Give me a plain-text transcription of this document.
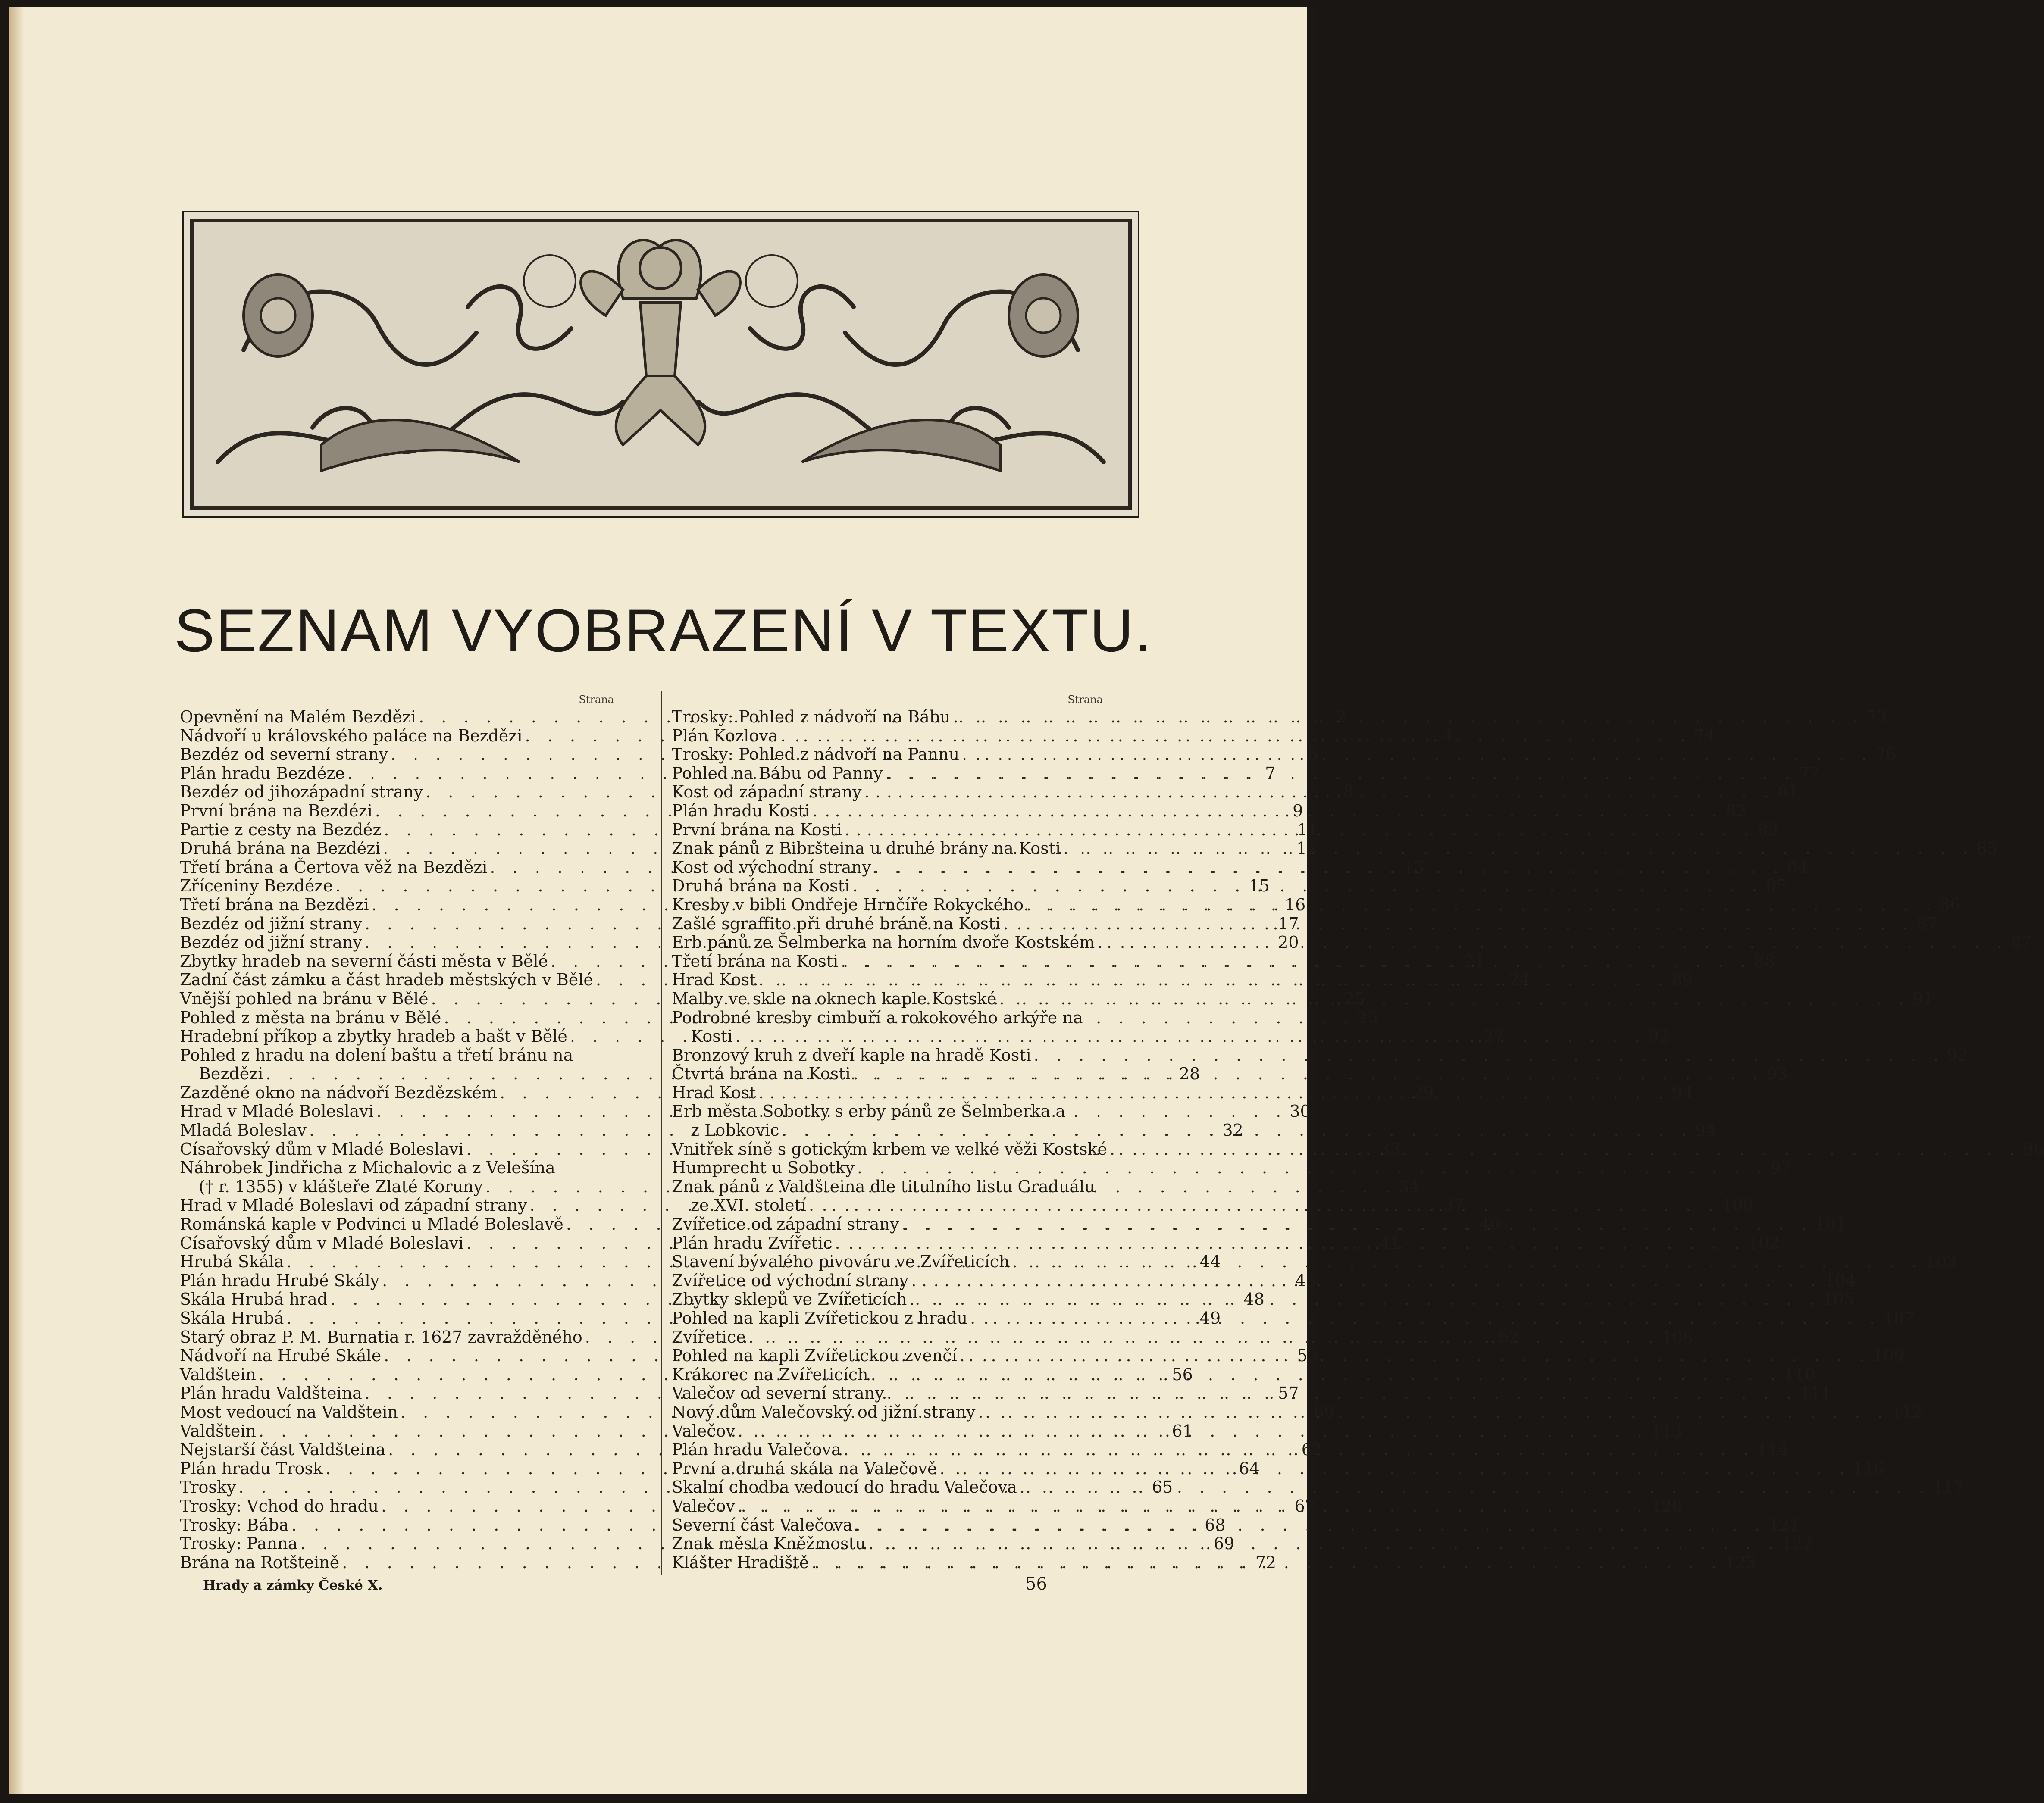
SEZNAM VYOBRAZENÍ V TEXTU.
Strana
Opevnění na Malém Bezdězi . . .	2
Nádvoří u královského paláce na Bezdězi . . .	4
Bezdéz od severní strany . . .	5
Plán hradu Bezdéze . . .	7
Bezdéz od jihozápadní strany . . .	8
První brána na Bezdézi . . .	9
Partie z cesty na Bezdéz . . .	11
Druhá brána na Bezdézi . . .	12
Třetí brána a Čertova věž na Bezdězi . . .	13
Zříceniny Bezdéze . . .	15
Třetí brána na Bezdězi . . .	16
Bezdéz od jižní strany . . .	17
Bezdéz od jižní strany . . .	20
Zbytky hradeb na severní části města v Bělé . . .	21
Zadní část zámku a část hradeb městských v Bělé . . .	24
Vnější pohled na bránu v Bělé . . .	25
Pohled z města na bránu v Bělé . . .	25
Hradební příkop a zbytky hradeb a bašt v Bělé . . .	27
Pohled z hradu na dolení baštu a třetí bránu na
Bezdězi . . .	28
Zazděné okno na nádvoří Bezdězském . . .	29
Hrad v Mladé Boleslavi . . .	30
Mladá Boleslav . . .	32
Císařovský dům v Mladé Boleslavi . . .	33
Náhrobek Jindřicha z Michalovic a z Velešína
(† r. 1355) v klášteře Zlaté Koruny . . .	34
Hrad v Mladé Boleslavi od západní strany . . .	37
Románská kaple v Podvinci u Mladé Boleslavě . . .	40
Císařovský dům v Mladé Boleslavi . . .	41
Hrubá Skála . . .	44
Plán hradu Hrubé Skály . . .	45
Skála Hrubá hrad . . .	48
Skála Hrubá . . .	49
Starý obraz P. M. Burnatia r. 1627 zavražděného . . .	52
Nádvoří na Hrubé Skále . . .	53
Valdštein . . .	56
Plán hradu Valdšteina . . .	57
Most vedoucí na Valdštein . . .	60
Valdštein . . .	61
Nejstarší část Valdšteina . . .	62
Plán hradu Trosk . . .	64
Trosky . . .	65
Trosky: Vchod do hradu . . .	67
Trosky: Bába . . .	68
Trosky: Panna . . .	69
Brána na Rotšteině . . .	72
Strana
Trosky: Pohled z nádvoří na Bábu . . .	73
Plán Kozlova . . .	74
Trosky: Pohled z nádvoří na Pannu . . .	76
Pohled na Bábu od Panny . . .	77
Kost od západní strany . . .	81
Plán hradu Kosti . . .	82
První brána na Kosti . . .	83
Znak pánů z Bibršteina u druhé brány na Kosti . . .	83
Kost od východní strany . . .	84
Druhá brána na Kosti . . .	85
Kresby v bibli Ondřeje Hrnčíře Rokyckého . . .	86
Zašlé sgraffito při druhé bráně na Kosti . . .	87
Erb pánů ze Šelmberka na horním dvoře Kostském . . .	87
Třetí brána na Kosti . . .	88
Hrad Kost . . .	89
Malby ve skle na oknech kaple Kostské . . .	91
Podrobné kresby cimbuří a rokokového arkýře na
Kosti . . .	92
Bronzový kruh z dveří kaple na hradě Kosti . . .	92
Čtvrtá brána na Kosti . . .	93
Hrad Kost . . .	94
Erb města Sobotky s erby pánů ze Šelmberka a
z Lobkovic . . .	94
Vnitřek síně s gotickým krbem ve velké věži Kostské . . .	96
Humprecht u Sobotky . . .	97
Znak pánů z Valdšteina dle titulního listu Graduálu
ze XVI. století . . .	100
Zvířetice od západní strany . . .	101
Plán hradu Zvířetic . . .	102
Stavení bývalého pivováru ve Zvířeticích . . .	103
Zvířetice od východní strany . . .	104
Zbytky sklepů ve Zvířeticích . . .	105
Pohled na kapli Zvířetickou z hradu . . .	107
Zvířetice . . .	108
Pohled na kapli Zvířetickou zvenčí . . .	109
Krákorec na Zvířeticích . . .	110
Valečov od severní strany . . .	111
Nový dům Valečovský od jižní strany . . .	112
Valečov . . .	113
Plán hradu Valečova . . .	114
První a druhá skála na Valečově . . .	116
Skalní chodba vedoucí do hradu Valečova . . .	117
Valečov . . .	120
Severní část Valečova . . .	121
Znak města Kněžmostu . . .	122
Klášter Hradiště . . .	123
Hrady a zámky České X.	56
